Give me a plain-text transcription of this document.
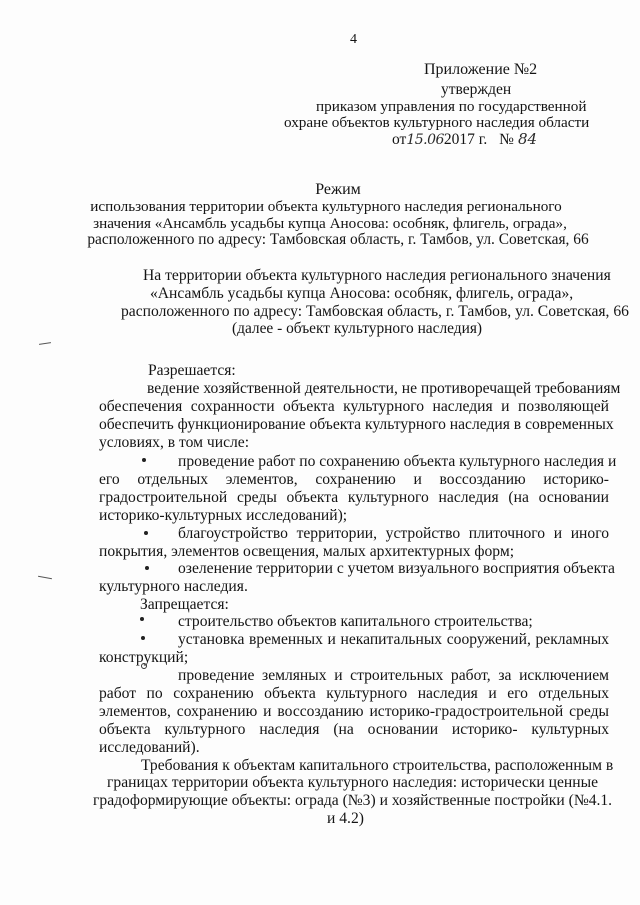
4
Приложение №2
утвержден
приказом управления по государственной
охране объектов культурного наследия области
от15.062017 г. № 84
Режим
использования территории объекта культурного наследия регионального
значения «Ансамбль усадьбы купца Аносова: особняк, флигель, ограда»,
расположенного по адресу: Тамбовская область, г. Тамбов, ул. Советская, 66
На территории объекта культурного наследия регионального значения
«Ансамбль усадьбы купца Аносова: особняк, флигель, ограда»,
расположенного по адресу: Тамбовская область, г. Тамбов, ул. Советская, 66
(далее - объект культурного наследия)
Разрешается:
ведение хозяйственной деятельности, не противоречащей требованиям
обеспечения сохранности объекта культурного наследия и позволяющей
обеспечить функционирование объекта культурного наследия в современных
условиях, в том числе:
проведение работ по сохранению объекта культурного наследия и
его отдельных элементов, сохранению и воссозданию историко-
градостроительной среды объекта культурного наследия (на основании
историко-культурных исследований);
благоустройство территории, устройство плиточного и иного
покрытия, элементов освещения, малых архитектурных форм;
озеленение территории с учетом визуального восприятия объекта
культурного наследия.
Запрещается:
строительство объектов капитального строительства;
установка временных и некапитальных сооружений, рекламных
конструкций;
проведение земляных и строительных работ, за исключением
работ по сохранению объекта культурного наследия и его отдельных
элементов, сохранению и воссозданию историко-градостроительной среды
объекта культурного наследия (на основании историко- культурных
исследований).
Требования к объектам капитального строительства, расположенным в
границах территории объекта культурного наследия: исторически ценные
градоформирующие объекты: ограда (№3) и хозяйственные постройки (№4.1.
и 4.2)
